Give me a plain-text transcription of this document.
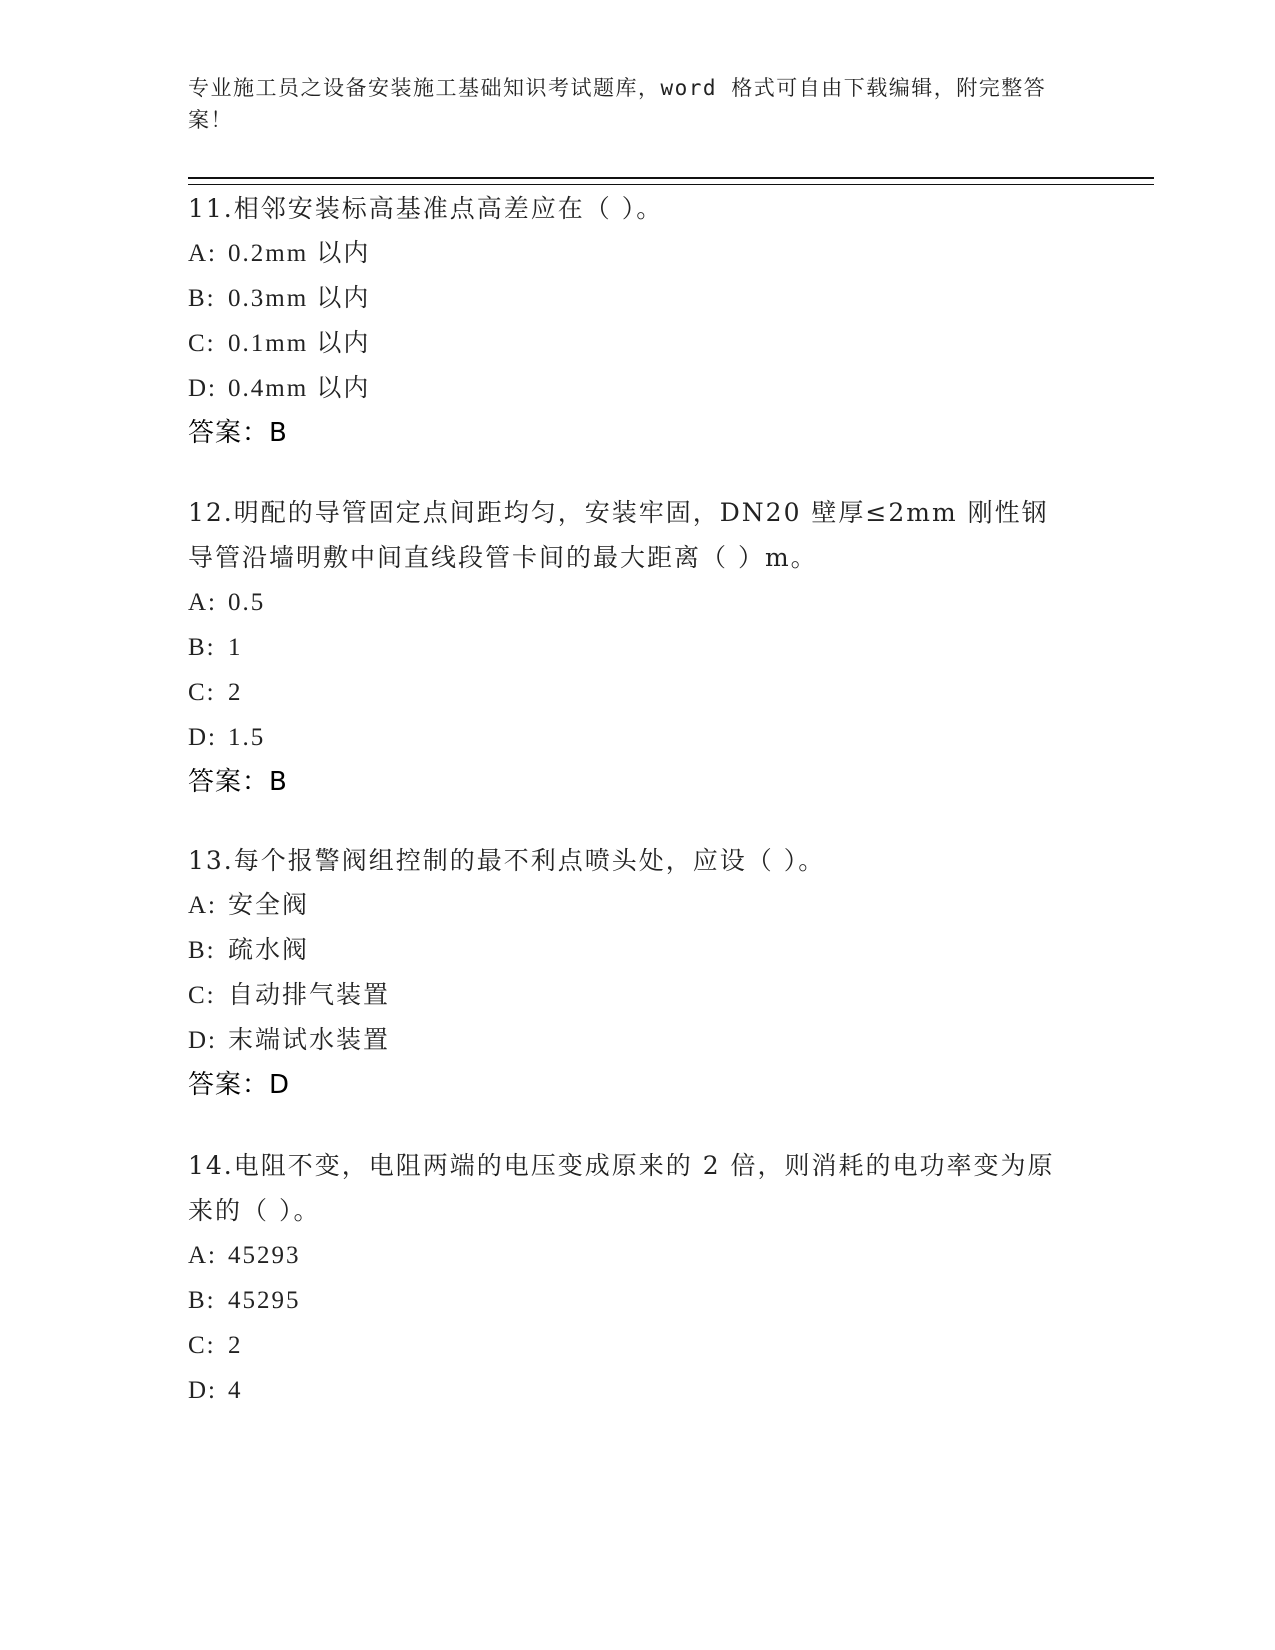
专业施工员之设备安装施工基础知识考试题库，word 格式可自由下载编辑，附完整答案！
11.相邻安装标高基准点高差应在（ ）。
A: 0.2mm 以内
B: 0.3mm 以内
C: 0.1mm 以内
D: 0.4mm 以内
答案：B
12.明配的导管固定点间距均匀，安装牢固，DN20 壁厚≤2mm 刚性钢导管沿墙明敷中间直线段管卡间的最大距离（ ）m。
A: 0.5
B: 1
C: 2
D: 1.5
答案：B
13.每个报警阀组控制的最不利点喷头处，应设（ ）。
A: 安全阀
B: 疏水阀
C: 自动排气装置
D: 末端试水装置
答案：D
14.电阻不变，电阻两端的电压变成原来的 2 倍，则消耗的电功率变为原来的（ ）。
A: 45293
B: 45295
C: 2
D: 4
